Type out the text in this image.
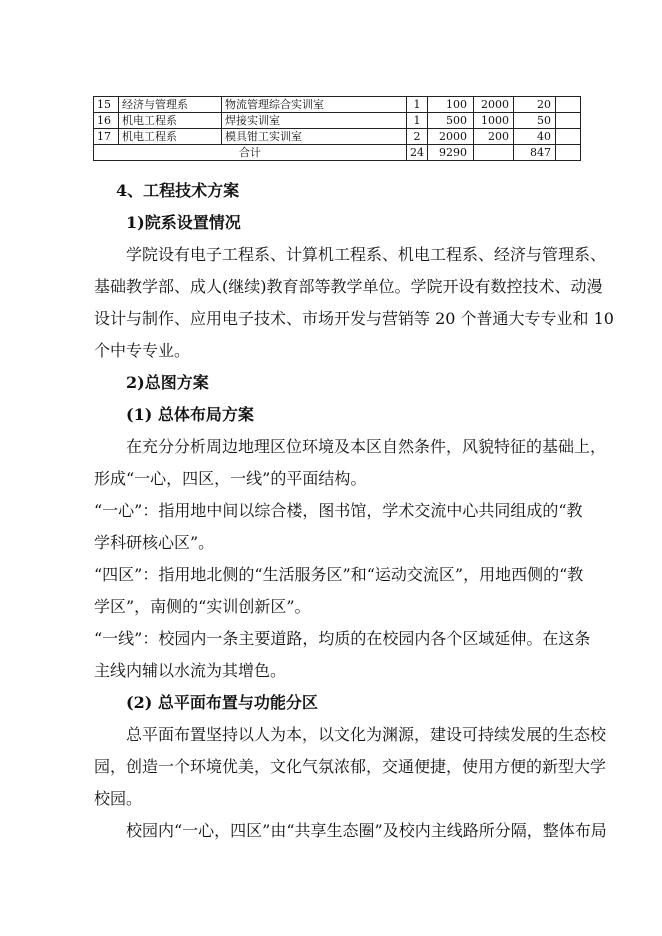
15	经济与管理系	物流管理综合实训室	1	100	2000	20	
16	机电工程系	焊接实训室	1	500	1000	50	
17	机电工程系	模具钳工实训室	2	2000	200	40	
合计			24	9290		847	
4、工程技术方案
1)院系设置情况
学院设有电子工程系、计算机工程系、机电工程系、经济与管理系、
基础教学部、成人(继续)教育部等教学单位。学院开设有数控技术、动漫
设计与制作、应用电子技术、市场开发与营销等 20 个普通大专专业和 10
个中专专业。
2)总图方案
(1) 总体布局方案
在充分分析周边地理区位环境及本区自然条件，风貌特征的基础上，
形成“一心，四区，一线”的平面结构。
“一心”：指用地中间以综合楼，图书馆，学术交流中心共同组成的“教
学科研核心区”。
“四区”：指用地北侧的“生活服务区”和“运动交流区”，用地西侧的“教
学区”，南侧的“实训创新区”。
“一线”：校园内一条主要道路，均质的在校园内各个区域延伸。在这条
主线内辅以水流为其增色。
(2) 总平面布置与功能分区
总平面布置坚持以人为本，以文化为渊源，建设可持续发展的生态校
园，创造一个环境优美，文化气氛浓郁，交通便捷，使用方便的新型大学
校园。
校园内“一心，四区”由“共享生态圈”及校内主线路所分隔，整体布局
